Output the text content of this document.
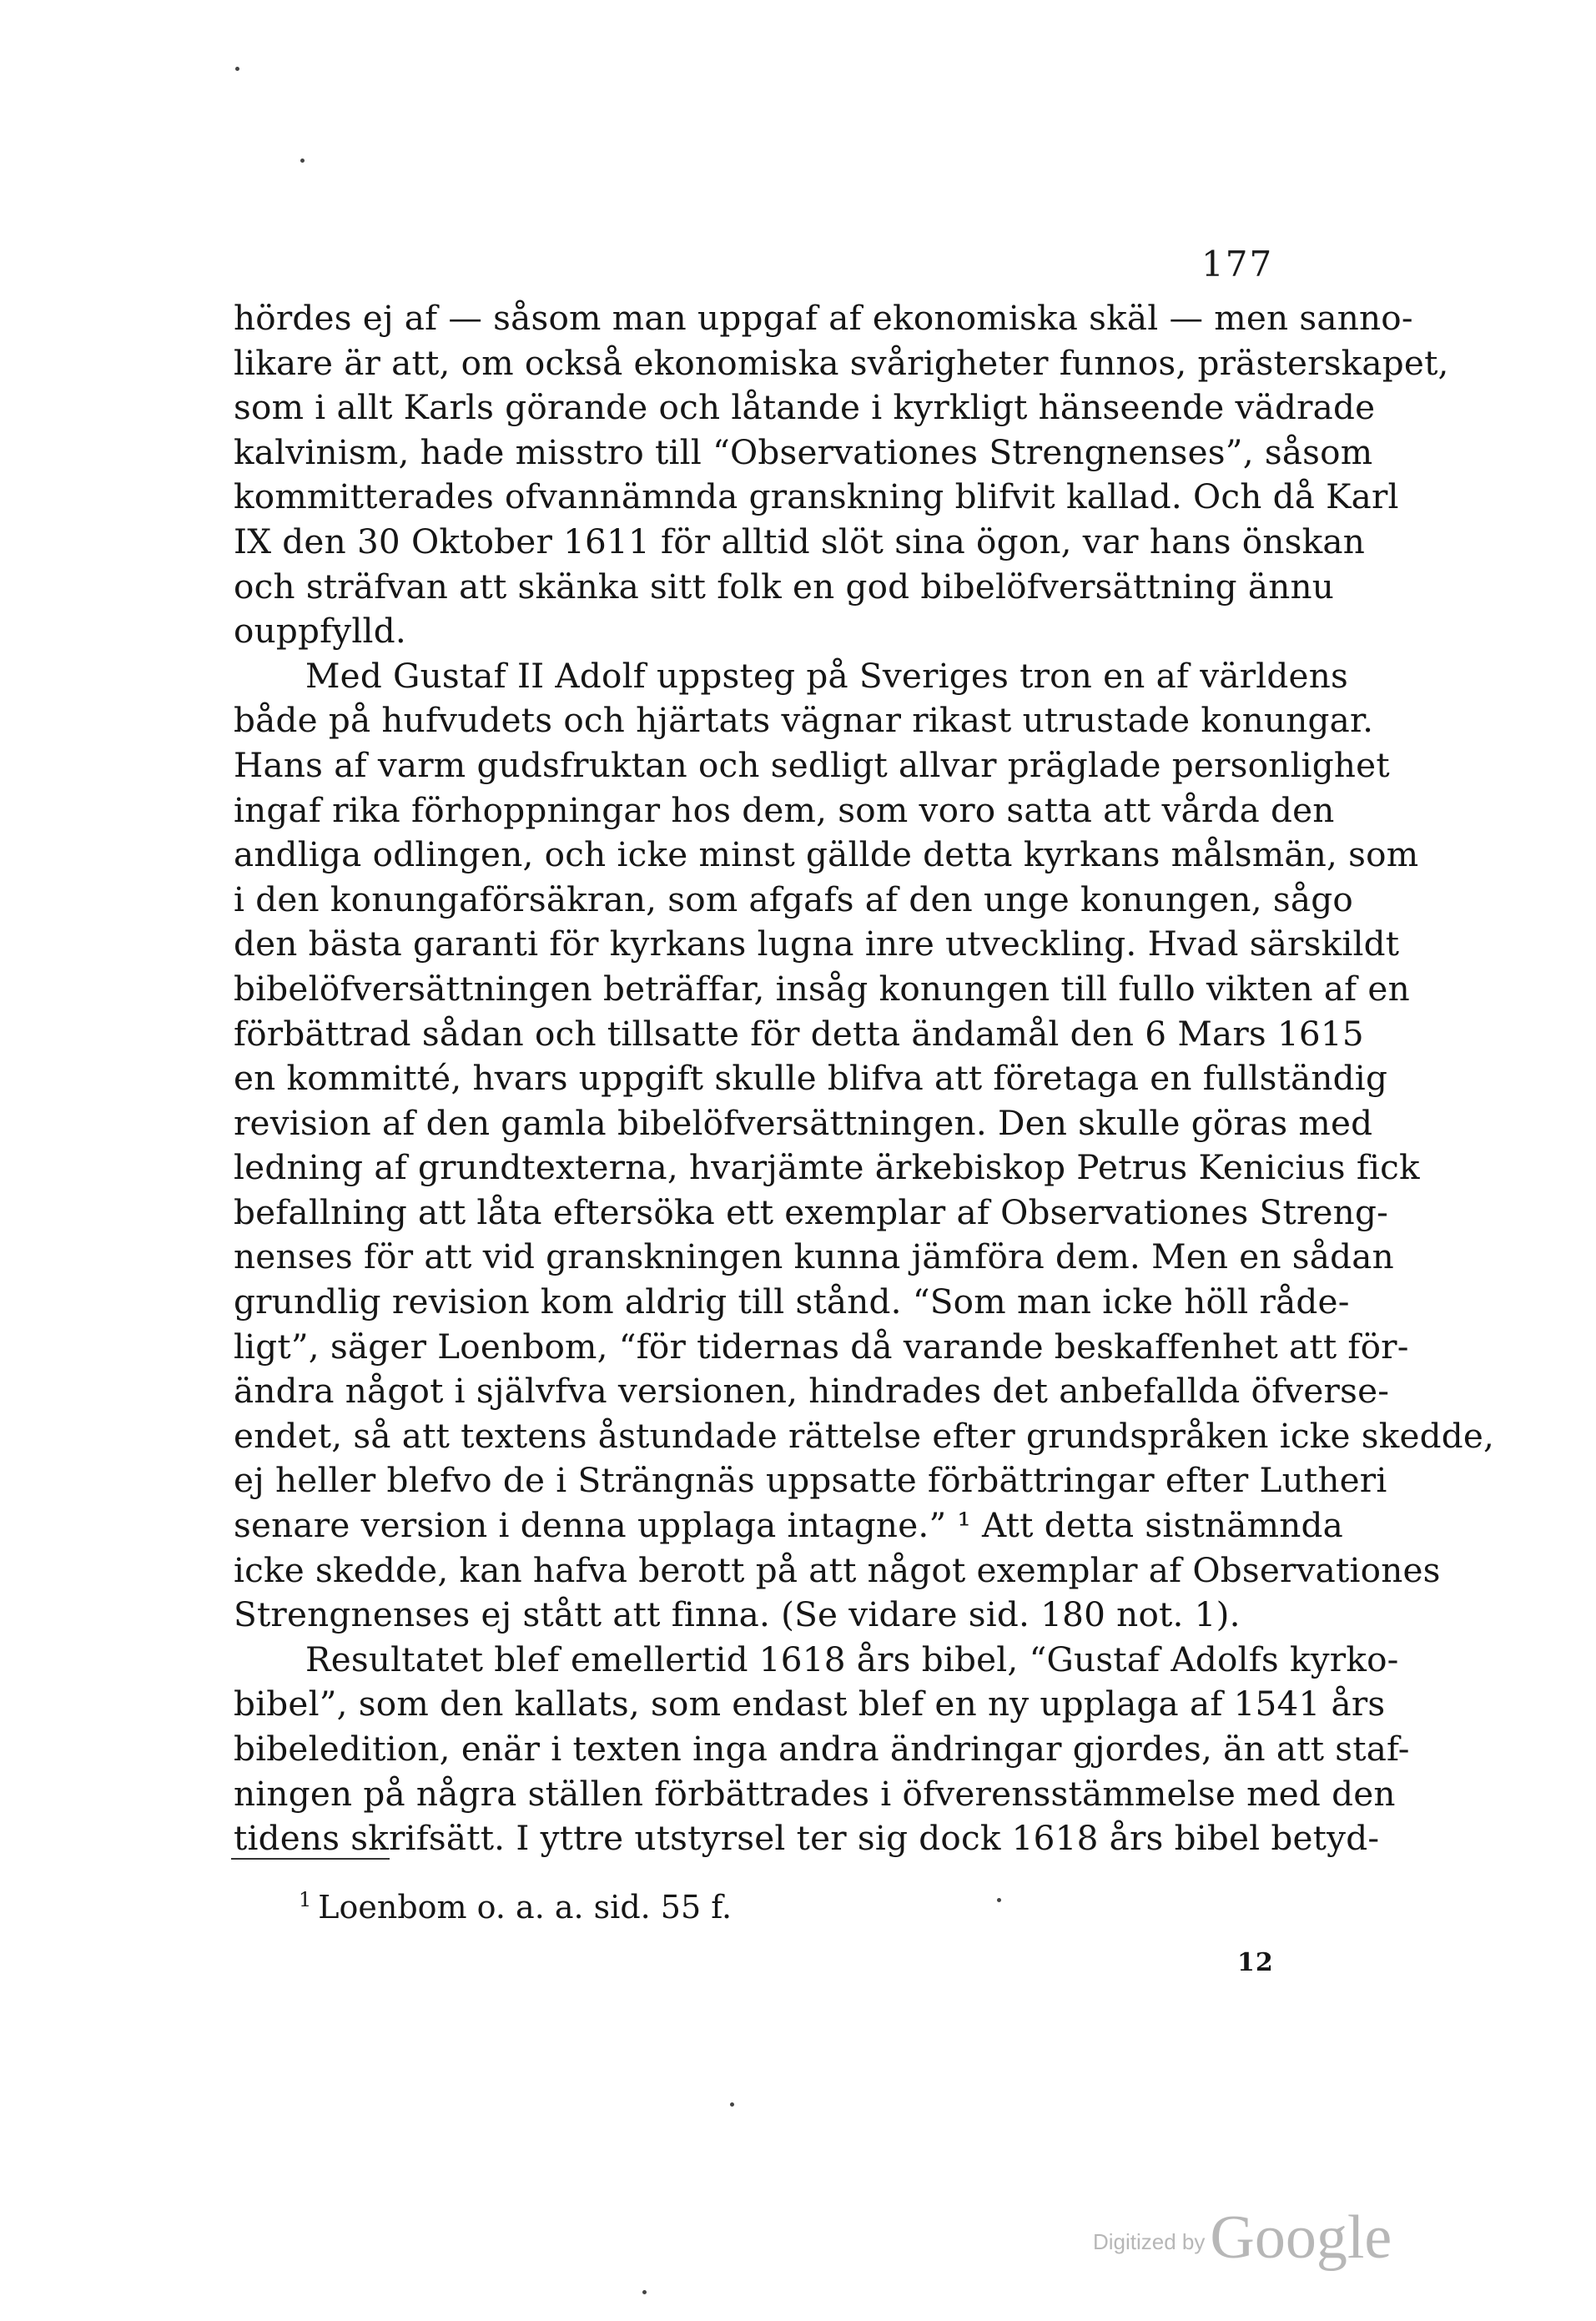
177
hördes ej af — såsom man uppgaf af ekonomiska skäl — men sanno-
likare är att, om också ekonomiska svårigheter funnos, prästerskapet,
som i allt Karls görande och låtande i kyrkligt hänseende vädrade
kalvinism, hade misstro till “Observationes Strengnenses”, såsom
kommitterades ofvannämnda granskning blifvit kallad. Och då Karl
IX den 30 Oktober 1611 för alltid slöt sina ögon, var hans önskan
och sträfvan att skänka sitt folk en god bibelöfversättning ännu
ouppfylld.
Med Gustaf II Adolf uppsteg på Sveriges tron en af världens
både på hufvudets och hjärtats vägnar rikast utrustade konungar.
Hans af varm gudsfruktan och sedligt allvar präglade personlighet
ingaf rika förhoppningar hos dem, som voro satta att vårda den
andliga odlingen, och icke minst gällde detta kyrkans målsmän, som
i den konungaförsäkran, som afgafs af den unge konungen, sågo
den bästa garanti för kyrkans lugna inre utveckling. Hvad särskildt
bibelöfversättningen beträffar, insåg konungen till fullo vikten af en
förbättrad sådan och tillsatte för detta ändamål den 6 Mars 1615
en kommitté, hvars uppgift skulle blifva att företaga en fullständig
revision af den gamla bibelöfversättningen. Den skulle göras med
ledning af grundtexterna, hvarjämte ärkebiskop Petrus Kenicius fick
befallning att låta eftersöka ett exemplar af Observationes Streng-
nenses för att vid granskningen kunna jämföra dem. Men en sådan
grundlig revision kom aldrig till stånd. “Som man icke höll råde-
ligt”, säger Loenbom, “för tidernas då varande beskaffenhet att för-
ändra något i självfva versionen, hindrades det anbefallda öfverse-
endet, så att textens åstundade rättelse efter grundspråken icke skedde,
ej heller blefvo de i Strängnäs uppsatte förbättringar efter Lutheri
senare version i denna upplaga intagne.” ¹ Att detta sistnämnda
icke skedde, kan hafva berott på att något exemplar af Observationes
Strengnenses ej stått att finna. (Se vidare sid. 180 not. 1).
Resultatet blef emellertid 1618 års bibel, “Gustaf Adolfs kyrko-
bibel”, som den kallats, som endast blef en ny upplaga af 1541 års
bibeledition, enär i texten inga andra ändringar gjordes, än att staf-
ningen på några ställen förbättrades i öfverensstämmelse med den
tidens skrifsätt. I yttre utstyrsel ter sig dock 1618 års bibel betyd-
$^1$ Loenbom o. a. a. sid. 55 f.
12
Digitized byGoogle
